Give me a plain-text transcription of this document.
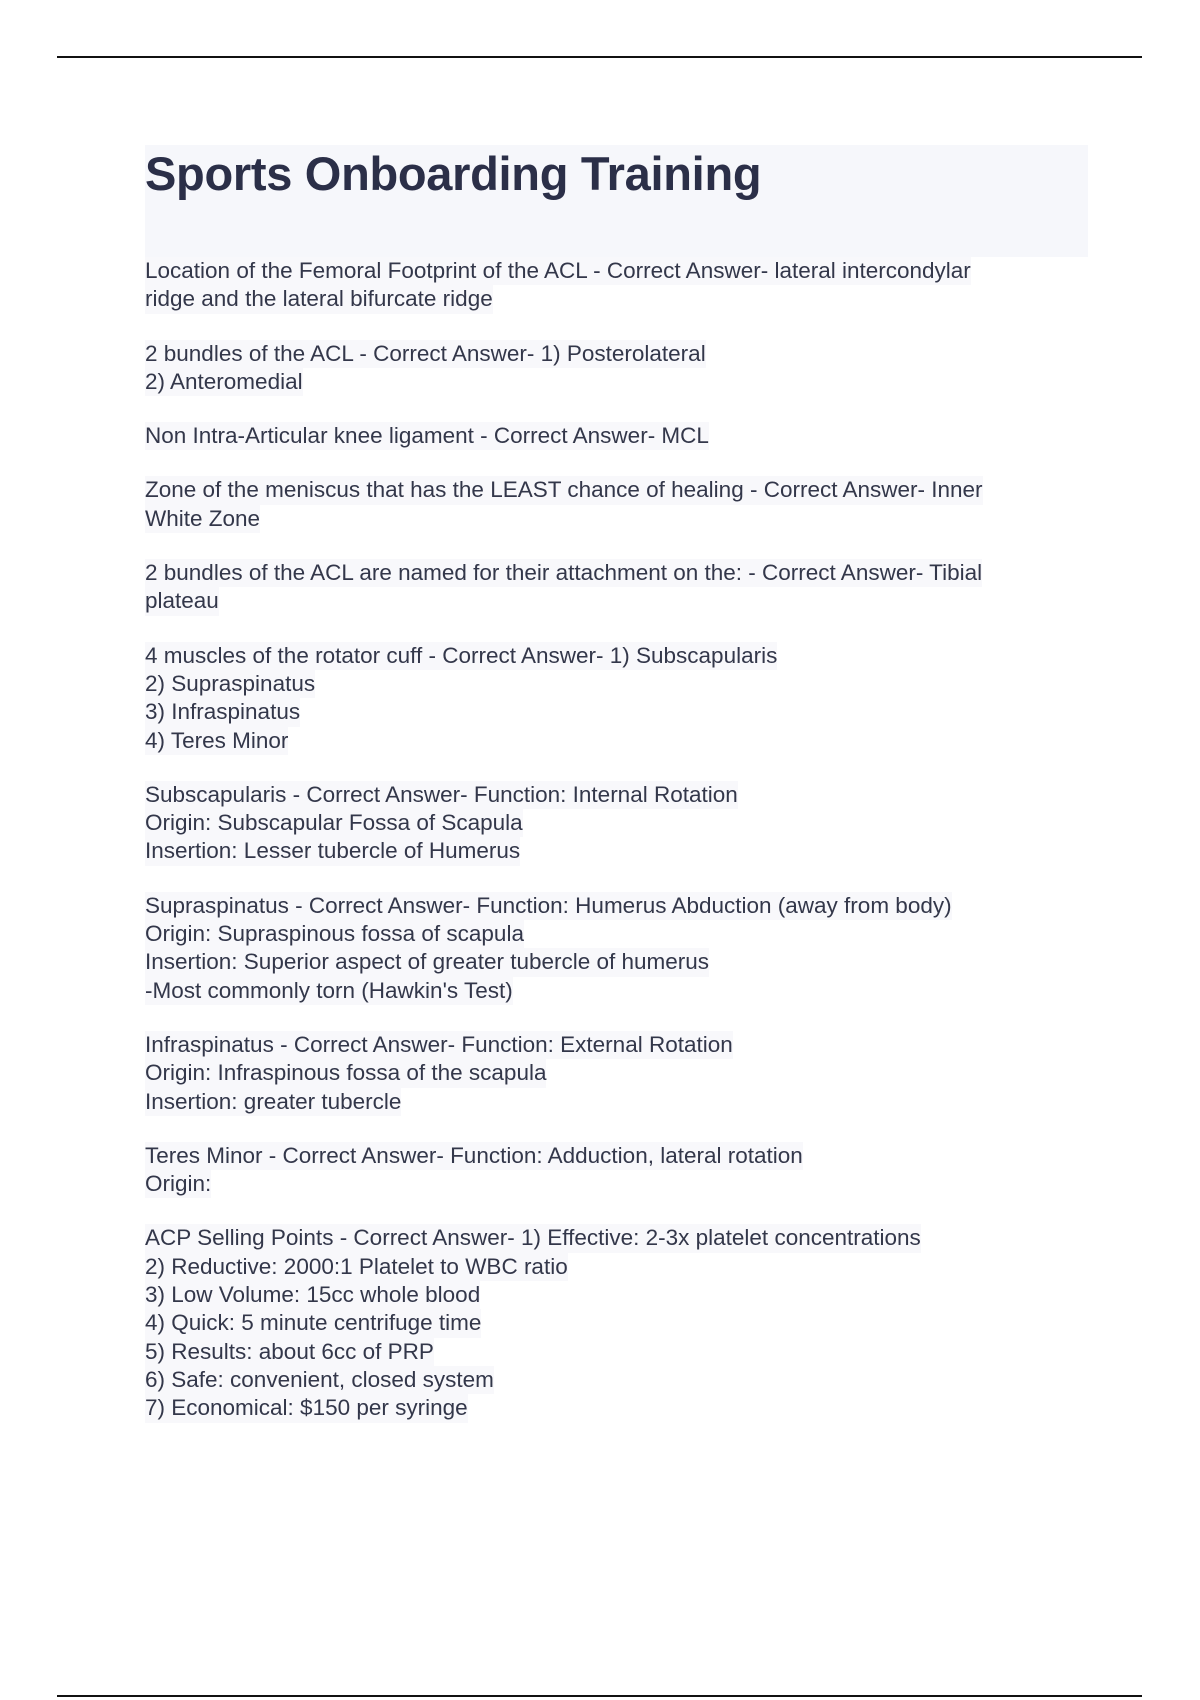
Sports Onboarding Training
Location of the Femoral Footprint of the ACL - Correct Answer- lateral intercondylar
ridge and the lateral bifurcate ridge
2 bundles of the ACL - Correct Answer- 1) Posterolateral
2) Anteromedial
Non Intra-Articular knee ligament - Correct Answer- MCL
Zone of the meniscus that has the LEAST chance of healing - Correct Answer- Inner
White Zone
2 bundles of the ACL are named for their attachment on the: - Correct Answer- Tibial
plateau
4 muscles of the rotator cuff - Correct Answer- 1) Subscapularis
2) Supraspinatus
3) Infraspinatus
4) Teres Minor
Subscapularis - Correct Answer- Function: Internal Rotation
Origin: Subscapular Fossa of Scapula
Insertion: Lesser tubercle of Humerus
Supraspinatus - Correct Answer- Function: Humerus Abduction (away from body)
Origin: Supraspinous fossa of scapula
Insertion: Superior aspect of greater tubercle of humerus
-Most commonly torn (Hawkin's Test)
Infraspinatus - Correct Answer- Function: External Rotation
Origin: Infraspinous fossa of the scapula
Insertion: greater tubercle
Teres Minor - Correct Answer- Function: Adduction, lateral rotation
Origin:
ACP Selling Points - Correct Answer- 1) Effective: 2-3x platelet concentrations
2) Reductive: 2000:1 Platelet to WBC ratio
3) Low Volume: 15cc whole blood
4) Quick: 5 minute centrifuge time
5) Results: about 6cc of PRP
6) Safe: convenient, closed system
7) Economical: $150 per syringe
